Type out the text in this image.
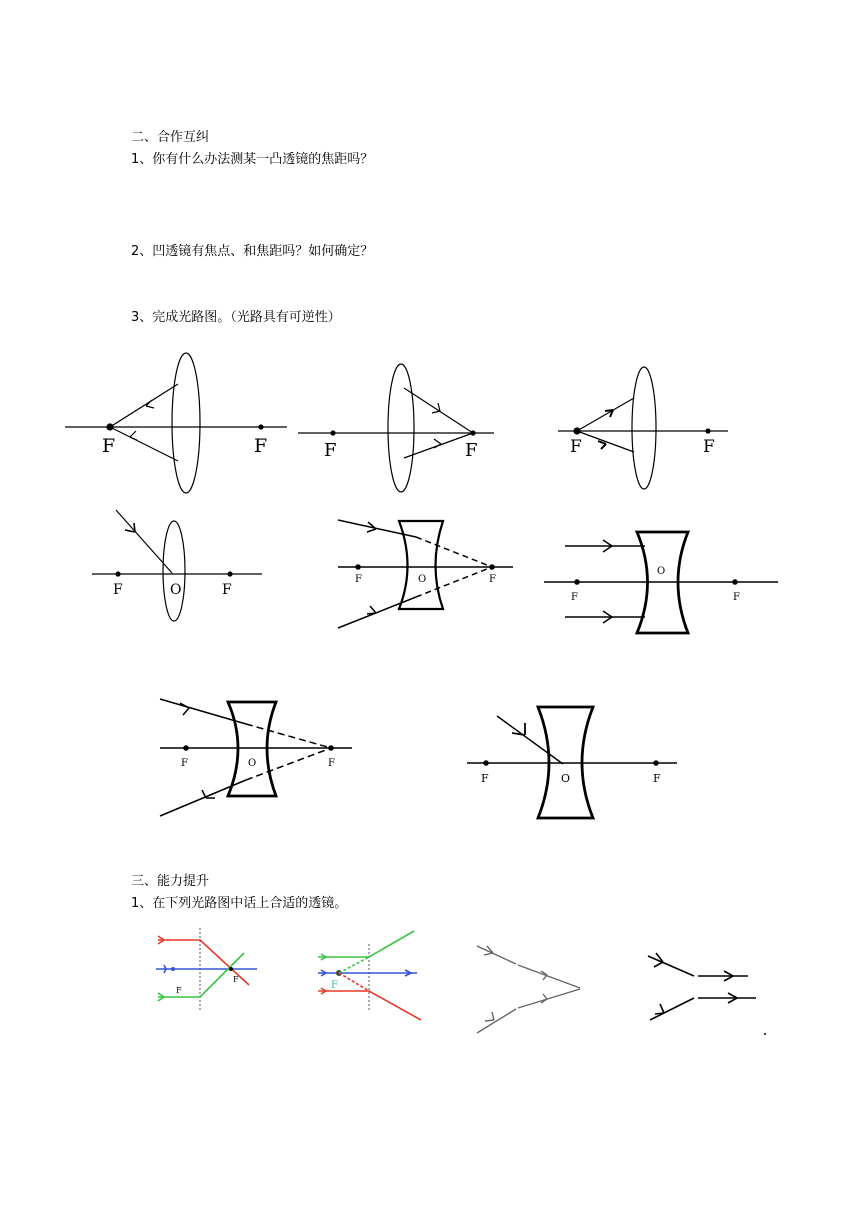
二、合作互纠
1、你有什么办法测某一凸透镜的焦距吗？
2、凹透镜有焦点、和焦距吗？如何确定？
3、完成光路图。（光路具有可逆性）
三、能力提升
1、在下列光路图中话上合适的透镜。
F	F	F	F	F	F
F	O	F
F	O	F
F
O
F
F	O	F
F	O	F
F
F
F
